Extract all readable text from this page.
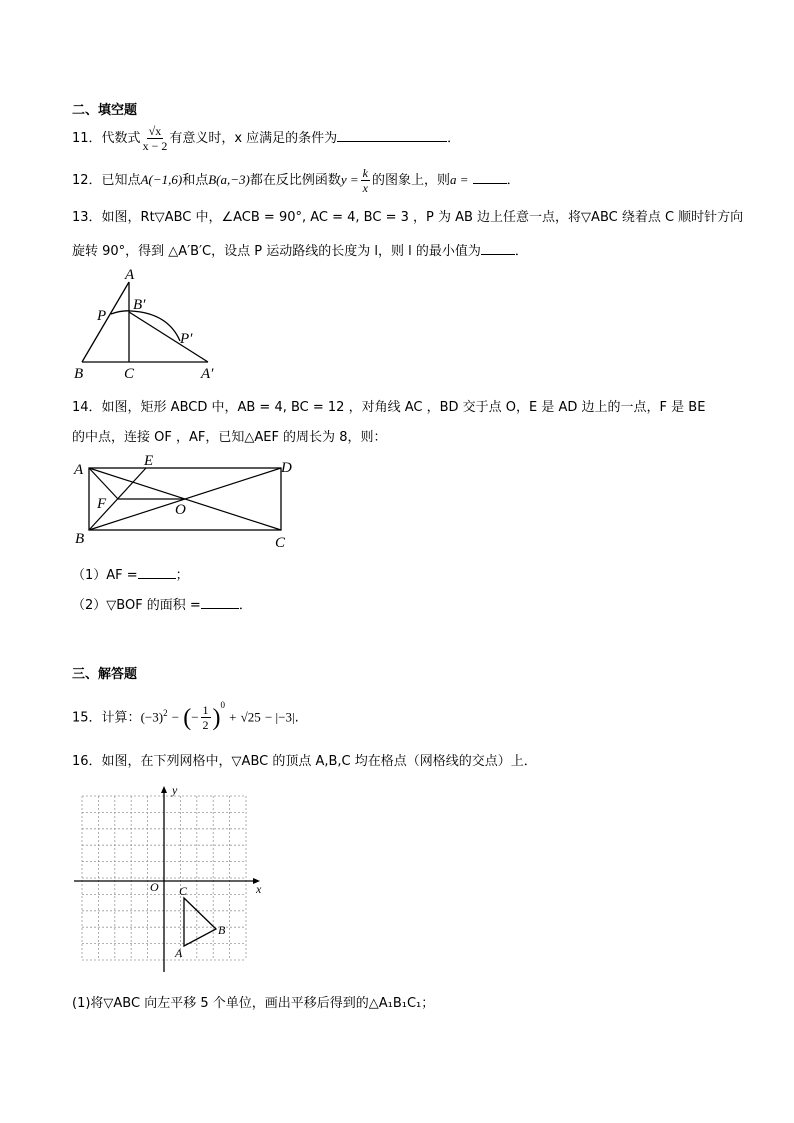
二、填空题
11．代数式 $\frac{√x}{x - 2}$ 有意义时，x 应满足的条件为	．
12．已知点A(−1,6)和点B(a,−3)都在反比例函数$y = \frac{k}{x}$ 的图象上，则a =	．
13．如图，Rt▽ABC 中，∠ACB = 90°, AC = 4, BC = 3 ，P 为 AB 边上任意一点，将▽ABC 绕着点 C 顺时针方向
旋转 90°，得到 △A′B′C，设点 P 运动路线的长度为 l，则 l 的最小值为	．
A
B′
P
P′
B	C	A′
14．如图，矩形 ABCD 中，AB = 4, BC = 12 ，对角线 AC ，BD 交于点 O，E 是 AD 边上的一点，F 是 BE
的中点，连接 OF ，AF，已知△AEF 的周长为 8，则：
A
E	D
F	O
B	C
（1）AF =	；
（2）▽BOF 的面积 =	．
三、解答题
15．计算：$(-3)^2$ − (− $\frac{1}{2} )^0 + √25 - |-3|$.
16．如图，在下列网格中，▽ABC 的顶点 A,B,C 均在格点（网格线的交点）上．
y
x
O C
B
A
(1)将▽ABC 向左平移 5 个单位，画出平移后得到的△A₁B₁C₁；
